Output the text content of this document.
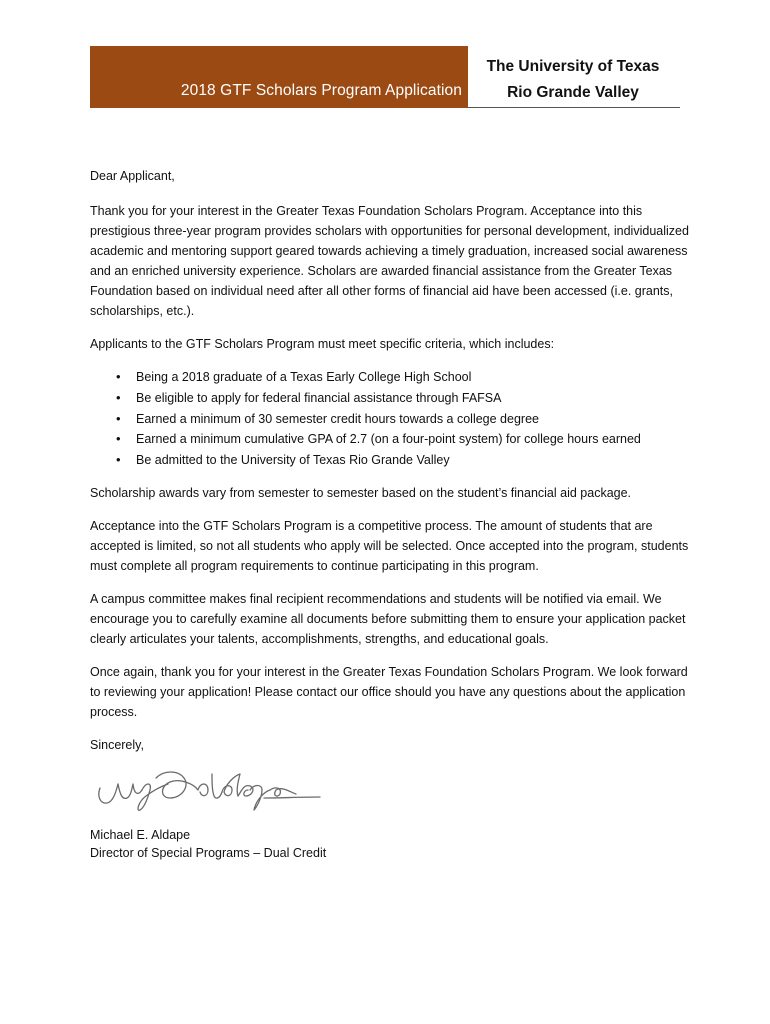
2018 GTF Scholars Program Application
The University of Texas
Rio Grande Valley

Dear Applicant,

Thank you for your interest in the Greater Texas Foundation Scholars Program. Acceptance into this prestigious three-year program provides scholars with opportunities for personal development, individualized academic and mentoring support geared towards achieving a timely graduation, increased social awareness and an enriched university experience. Scholars are awarded financial assistance from the Greater Texas Foundation based on individual need after all other forms of financial aid have been accessed (i.e. grants, scholarships, etc.).

Applicants to the GTF Scholars Program must meet specific criteria, which includes:

• Being a 2018 graduate of a Texas Early College High School
• Be eligible to apply for federal financial assistance through FAFSA
• Earned a minimum of 30 semester credit hours towards a college degree
• Earned a minimum cumulative GPA of 2.7 (on a four-point system) for college hours earned
• Be admitted to the University of Texas Rio Grande Valley

Scholarship awards vary from semester to semester based on the student’s financial aid package.

Acceptance into the GTF Scholars Program is a competitive process. The amount of students that are accepted is limited, so not all students who apply will be selected. Once accepted into the program, students must complete all program requirements to continue participating in this program.

A campus committee makes final recipient recommendations and students will be notified via email. We encourage you to carefully examine all documents before submitting them to ensure your application packet clearly articulates your talents, accomplishments, strengths, and educational goals.

Once again, thank you for your interest in the Greater Texas Foundation Scholars Program. We look forward to reviewing your application! Please contact our office should you have any questions about the application process.

Sincerely,

Michael E. Aldape
Director of Special Programs – Dual Credit
